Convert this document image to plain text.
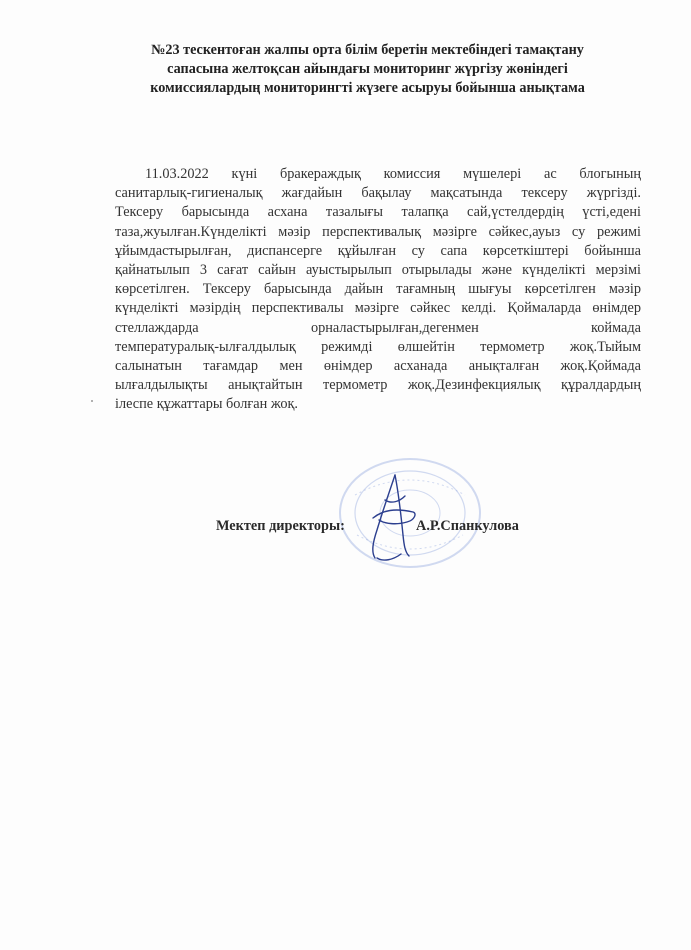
№23 тескентоған жалпы орта білім беретін мектебіндегі тамақтану
сапасына желтоқсан айындағы мониторинг жүргізу жөніндегі
комиссиялардың мониторингті жүзеге асыруы бойынша анықтама
11.03.2022 күні бракераждық комиссия мүшелері ас блогының
санитарлық-гигиеналық жағдайын бақылау мақсатында тексеру жүргізді.
Тексеру барысында асхана тазалығы талапқа сай,үстелдердің үсті,едені
таза,жуылған.Күнделікті мәзір перспективалық мәзірге сәйкес,ауыз су режимі
ұйымдастырылған, диспансерге құйылған су сапа көрсеткіштері бойынша
қайнатылып 3 сағат сайын ауыстырылып отырылады және күнделікті мерзімі
көрсетілген. Тексеру барысында дайын тағамның шығуы көрсетілген мәзір
күнделікті мәзірдің перспективалы мәзірге сәйкес келді. Қоймаларда өнімдер
стеллаждарда орналастырылған,дегенмен коймада
температуралық-ылғалдылық режимді өлшейтін термометр жоқ.Тыйым
салынатын тағамдар мен өнімдер асханада анықталған жоқ.Қоймада
ылғалдылықты анықтайтын термометр жоқ.Дезинфекциялық құралдардың
ілеспе құжаттары болған жоқ.
Мектеп директоры:	А.Р.Спанкулова
